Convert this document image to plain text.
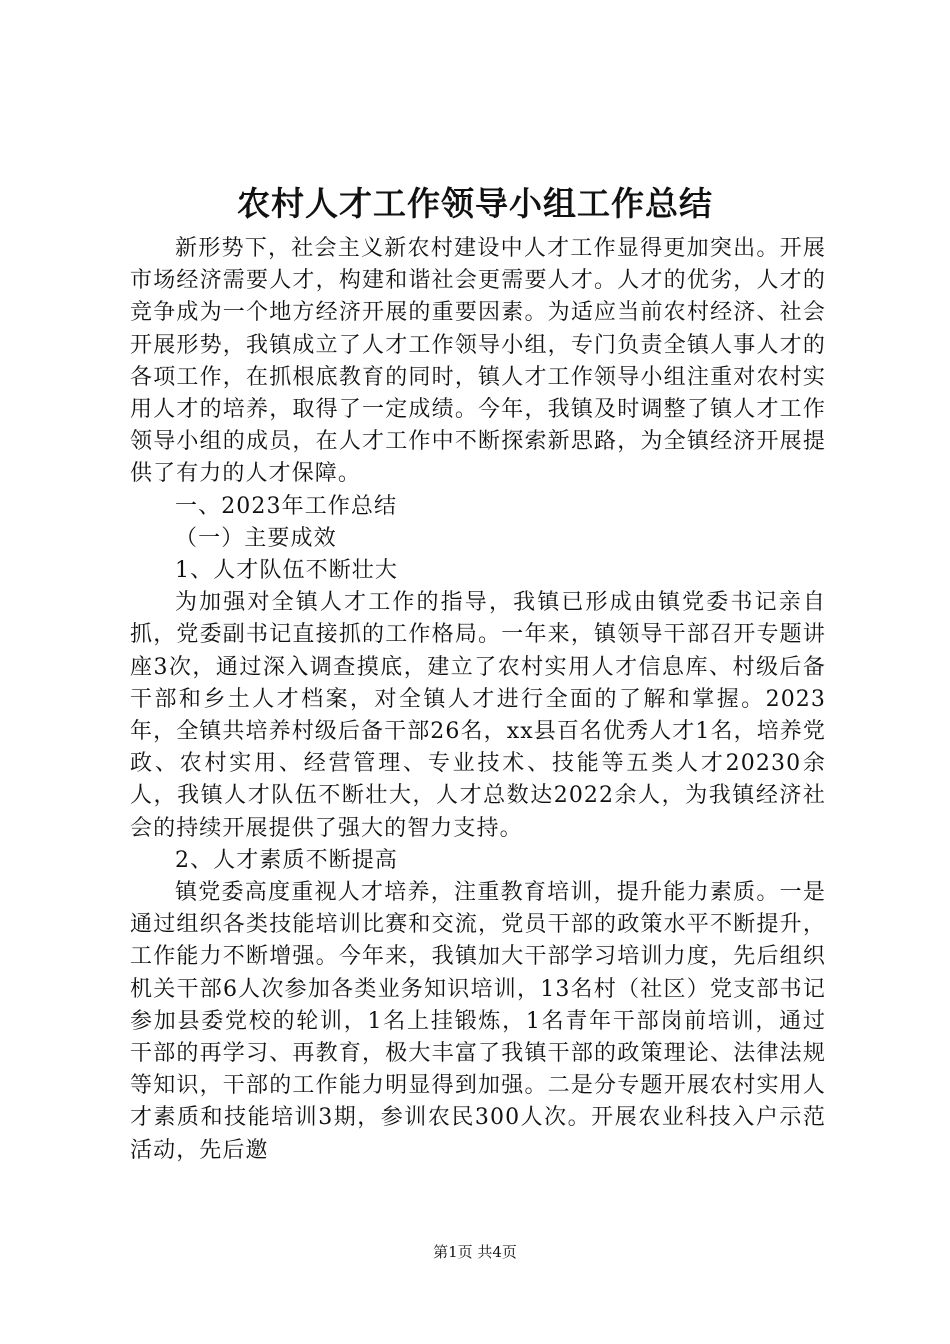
农村人才工作领导小组工作总结

新形势下，社会主义新农村建设中人才工作显得更加突出。开展市场经济需要人才，构建和谐社会更需要人才。人才的优劣，人才的竞争成为一个地方经济开展的重要因素。为适应当前农村经济、社会开展形势，我镇成立了人才工作领导小组，专门负责全镇人事人才的各项工作，在抓根底教育的同时，镇人才工作领导小组注重对农村实用人才的培养，取得了一定成绩。今年，我镇及时调整了镇人才工作领导小组的成员，在人才工作中不断探索新思路，为全镇经济开展提供了有力的人才保障。

一、2023年工作总结

（一）主要成效

1、人才队伍不断壮大

为加强对全镇人才工作的指导，我镇已形成由镇党委书记亲自抓，党委副书记直接抓的工作格局。一年来，镇领导干部召开专题讲座3次，通过深入调查摸底，建立了农村实用人才信息库、村级后备干部和乡土人才档案，对全镇人才进行全面的了解和掌握。2023年，全镇共培养村级后备干部26名，xx县百名优秀人才1名，培养党政、农村实用、经营管理、专业技术、技能等五类人才20230余人，我镇人才队伍不断壮大，人才总数达2022余人，为我镇经济社会的持续开展提供了强大的智力支持。

2、人才素质不断提高

镇党委高度重视人才培养，注重教育培训，提升能力素质。一是通过组织各类技能培训比赛和交流，党员干部的政策水平不断提升，工作能力不断增强。今年来，我镇加大干部学习培训力度，先后组织机关干部6人次参加各类业务知识培训，13名村（社区）党支部书记参加县委党校的轮训，1名上挂锻炼，1名青年干部岗前培训，通过干部的再学习、再教育，极大丰富了我镇干部的政策理论、法律法规等知识，干部的工作能力明显得到加强。二是分专题开展农村实用人才素质和技能培训3期，参训农民300人次。开展农业科技入户示范活动，先后邀

第1页 共4页
